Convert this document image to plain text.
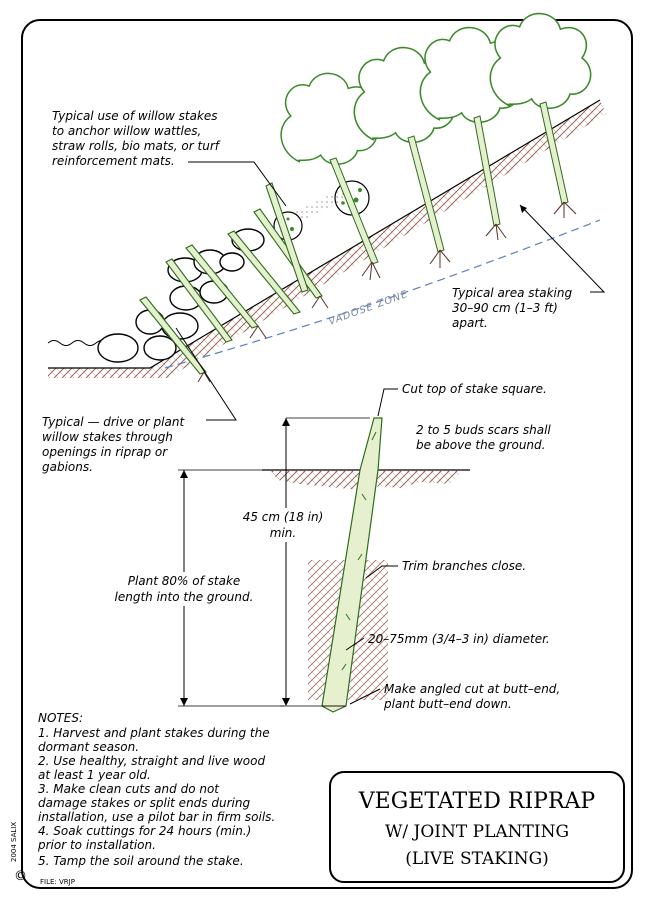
VADOSE ZONE
Typical use of willow stakes
to anchor willow wattles,
straw rolls, bio mats, or turf
reinforcement mats.
Typical area staking
30–90 cm (1–3 ft)
apart.
Typical — drive or plant
willow stakes through
openings in riprap or
gabions.
45 cm (18 in)
min.
Plant 80% of stake
length into the ground.
Cut top of stake square.
2 to 5 buds scars shall
be above the ground.
Trim branches close.
20–75mm (3/4–3 in) diameter.
Make angled cut at butt–end,
plant butt–end down.
NOTES:
1. Harvest and plant stakes during the
dormant season.
2. Use healthy, straight and live wood
at least 1 year old.
3. Make clean cuts and do not
damage stakes or split ends during
installation, use a pilot bar in firm soils.
4. Soak cuttings for 24 hours (min.)
prior to installation.
5. Tamp the soil around the stake.
VEGETATED RIPRAP
W/ JOINT PLANTING
(LIVE STAKING)
©
2004 SALIX
FILE: VRJP
